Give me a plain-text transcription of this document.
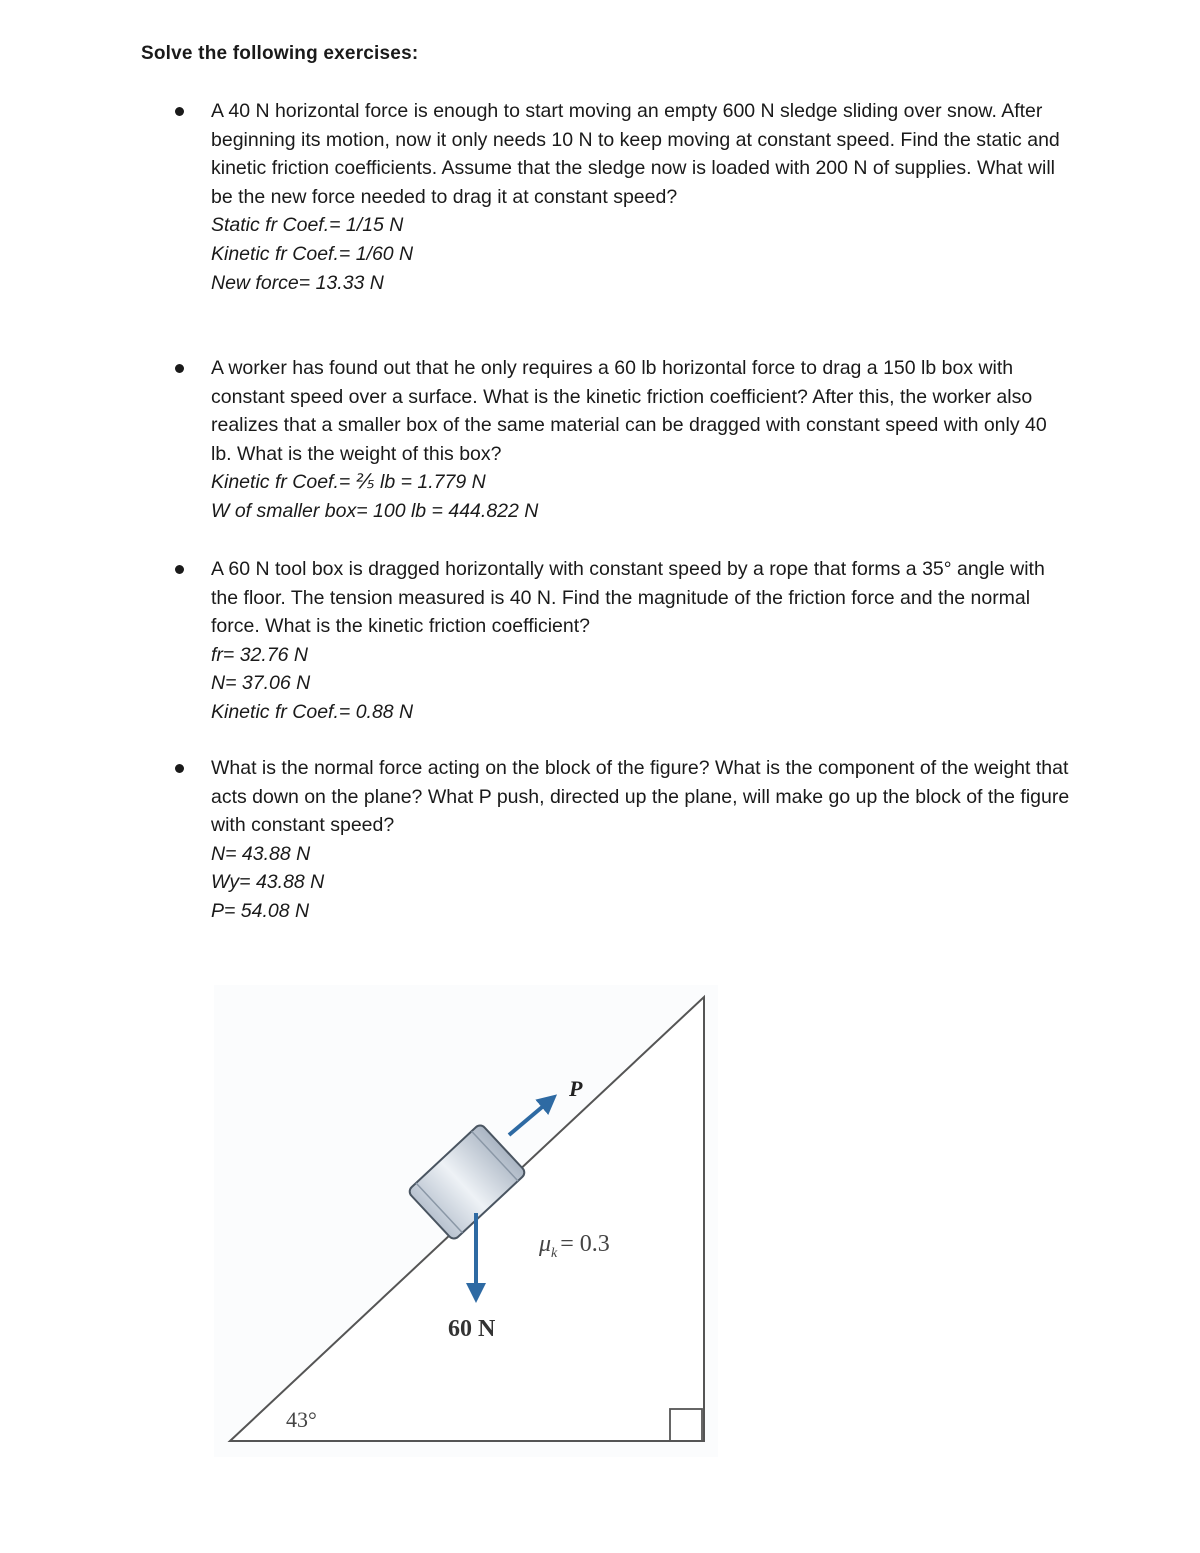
Solve the following exercises:
A 40 N horizontal force is enough to start moving an empty 600 N sledge sliding over snow. After beginning its motion, now it only needs 10 N to keep moving at constant speed. Find the static and kinetic friction coefficients. Assume that the sledge now is loaded with 200 N of supplies. What will be the new force needed to drag it at constant speed?
Static fr Coef.= 1/15 N
Kinetic fr Coef.= 1/60 N
New force= 13.33 N
A worker has found out that he only requires a 60 lb horizontal force to drag a 150 lb box with constant speed over a surface. What is the kinetic friction coefficient? After this, the worker also realizes that a smaller box of the same material can be dragged with constant speed with only 40 lb. What is the weight of this box?
Kinetic fr Coef.= ⅖ lb = 1.779 N
W of smaller box= 100 lb = 444.822 N
A 60 N tool box is dragged horizontally with constant speed by a rope that forms a 35° angle with the floor. The tension measured is 40 N. Find the magnitude of the friction force and the normal force. What is the kinetic friction coefficient?
fr= 32.76 N
N= 37.06 N
Kinetic fr Coef.= 0.88 N
What is the normal force acting on the block of the figure? What is the component of the weight that acts down on the plane? What P push, directed up the plane, will make go up the block of the figure with constant speed?
N= 43.88 N
Wy= 43.88 N
P= 54.08 N
P
60 N
$\mu_k = 0.3$
43°
